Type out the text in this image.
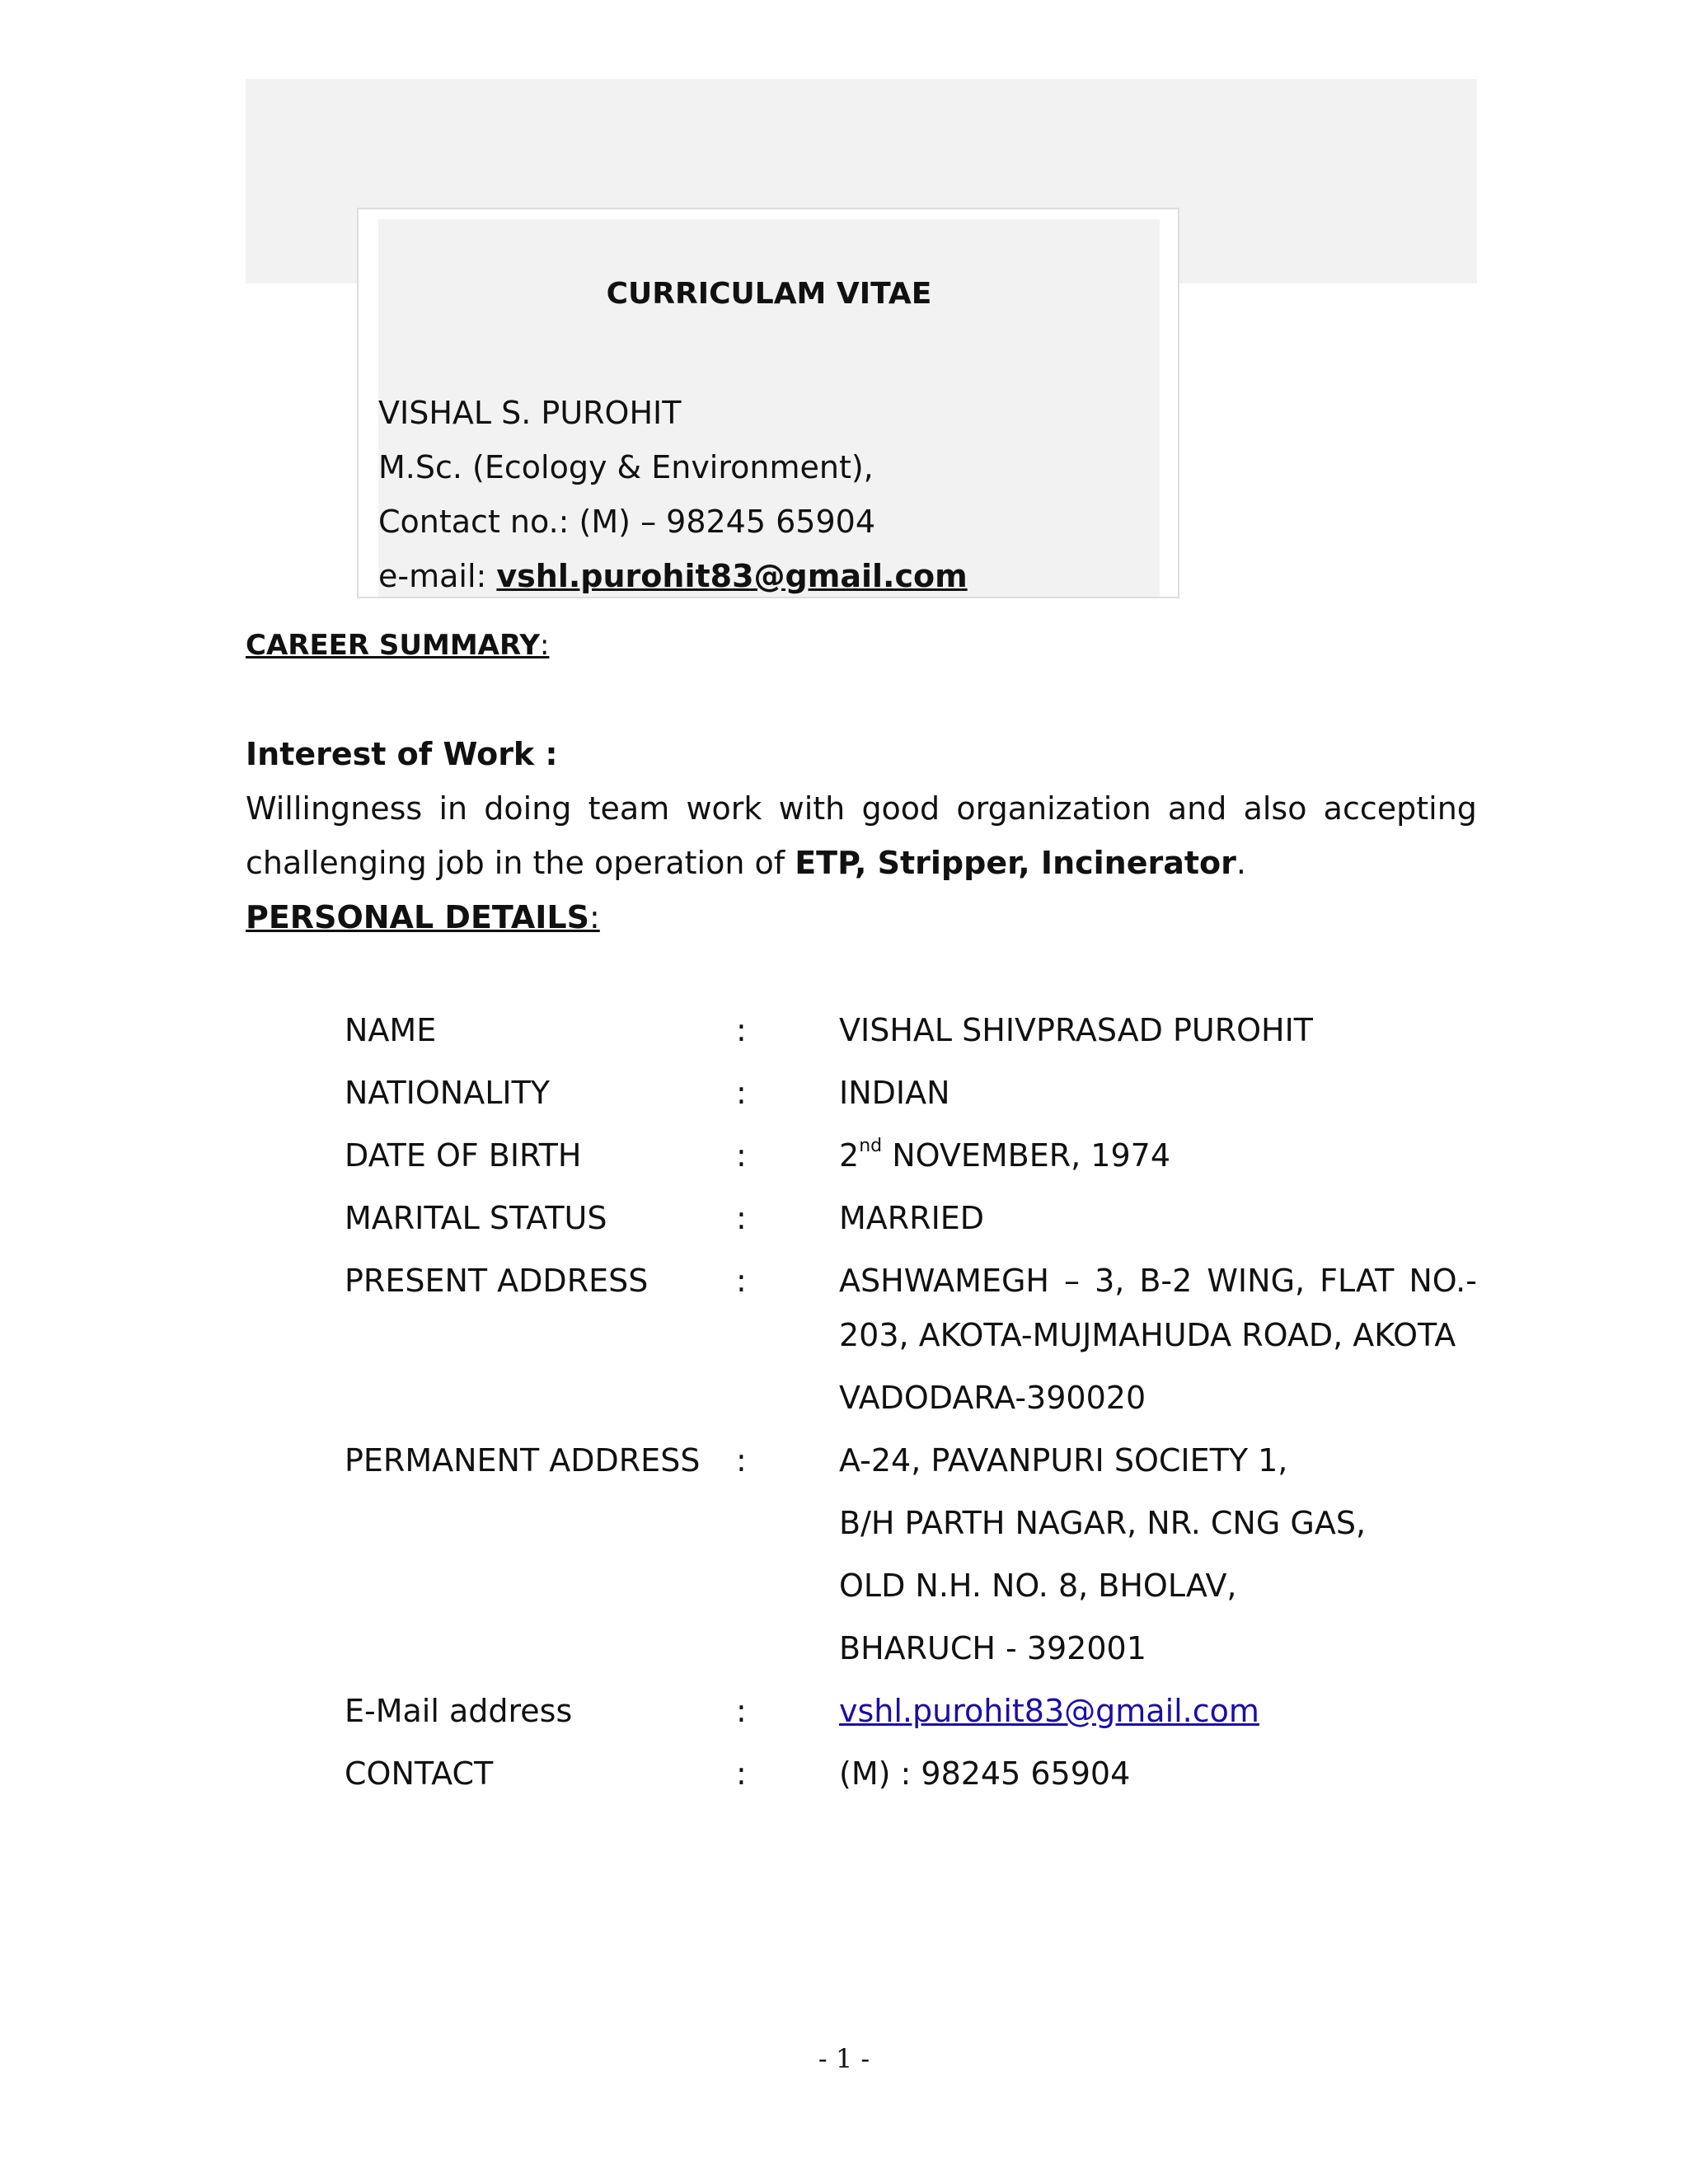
CURRICULAM VITAE
VISHAL S. PUROHIT
M.Sc. (Ecology & Environment),
Contact no.: (M) – 98245 65904
e-mail: vshl.purohit83@gmail.com
CAREER SUMMARY:
Interest of Work :
Willingness in doing team work with good organization and also accepting
challenging job in the operation of ETP, Stripper, Incinerator.
PERSONAL DETAILS:
NAME	:	VISHAL SHIVPRASAD PUROHIT
NATIONALITY	:	INDIAN
DATE OF BIRTH	:	2nd NOVEMBER, 1974
MARITAL STATUS	:	MARRIED
PRESENT ADDRESS	:	ASHWAMEGH – 3, B-2 WING, FLAT NO.-
203, AKOTA-MUJMAHUDA ROAD, AKOTA
VADODARA-390020
PERMANENT ADDRESS :	A-24, PAVANPURI SOCIETY 1,
B/H PARTH NAGAR, NR. CNG GAS,
OLD N.H. NO. 8, BHOLAV,
BHARUCH - 392001
E-Mail address	:	vshl.purohit83@gmail.com
CONTACT	:	(M) : 98245 65904
- 1 -
